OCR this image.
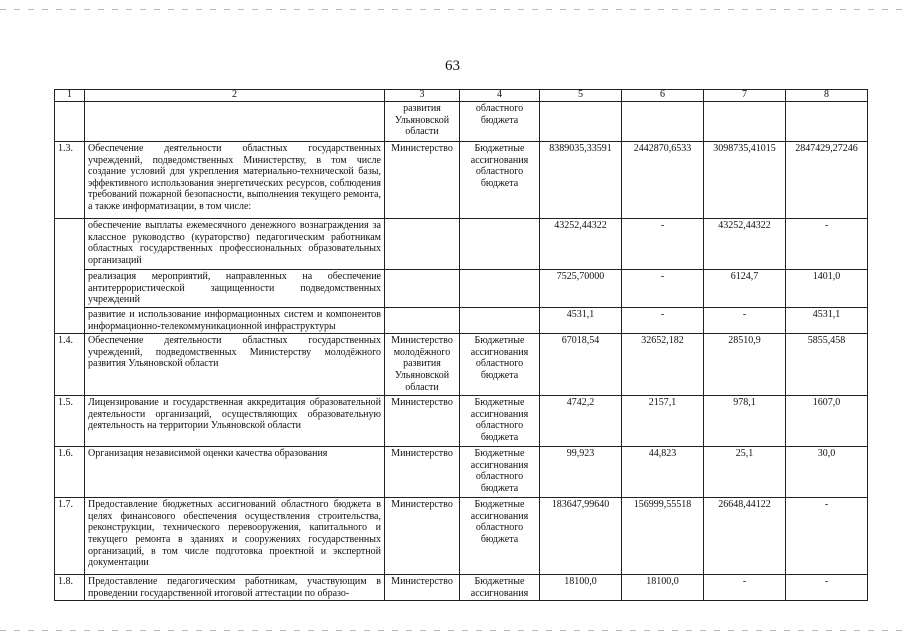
63
1	2	3	4	5	6	7	8
		развития Ульяновской области	областного бюджета				
1.3.	Обеспечение деятельности областных государственных учреждений, подведомственных Министерству, в том числе создание условий для укрепления материально-технической базы, эффективного использования энергетических ресурсов, соблюдения требований пожарной безопасности, выполнения текущего ремонта, а также информатизации, в том числе:	Министерство	Бюджетные ассигнования областного бюджета	8389035,33591	2442870,6533	3098735,41015	2847429,27246
	обеспечение выплаты ежемесячного денежного вознаграждения за классное руководство (кураторство) педагогическим работникам областных государственных профессиональных образовательных организаций			43252,44322	-	43252,44322	-
	реализация мероприятий, направленных на обеспечение антитеррористической защищенности подведомственных учреждений			7525,70000	-	6124,7	1401,0
	развитие и использование информационных систем и компонентов информационно-телекоммуникационной инфраструктуры			4531,1	-	-	4531,1
1.4.	Обеспечение деятельности областных государственных учреждений, подведомственных Министерству молодёжного развития Ульяновской области	Министерство молодёжного развития Ульяновской области	Бюджетные ассигнования областного бюджета	67018,54	32652,182	28510,9	5855,458
1.5.	Лицензирование и государственная аккредитация образовательной деятельности организаций, осуществляющих образовательную деятельность на территории Ульяновской области	Министерство	Бюджетные ассигнования областного бюджета	4742,2	2157,1	978,1	1607,0
1.6.	Организация независимой оценки качества образования	Министерство	Бюджетные ассигнования областного бюджета	99,923	44,823	25,1	30,0
1.7.	Предоставление бюджетных ассигнований областного бюджета в целях финансового обеспечения осуществления строительства, реконструкции, технического перевооружения, капитального и текущего ремонта в зданиях и сооружениях государственных организаций, в том числе подготовка проектной и экспертной документации	Министерство	Бюджетные ассигнования областного бюджета	183647,99640	156999,55518	26648,44122	-
1.8.	Предоставление педагогическим работникам, участвующим в проведении государственной итоговой аттестации по образо-	Министерство	Бюджетные ассигнования	18100,0	18100,0	-	-
